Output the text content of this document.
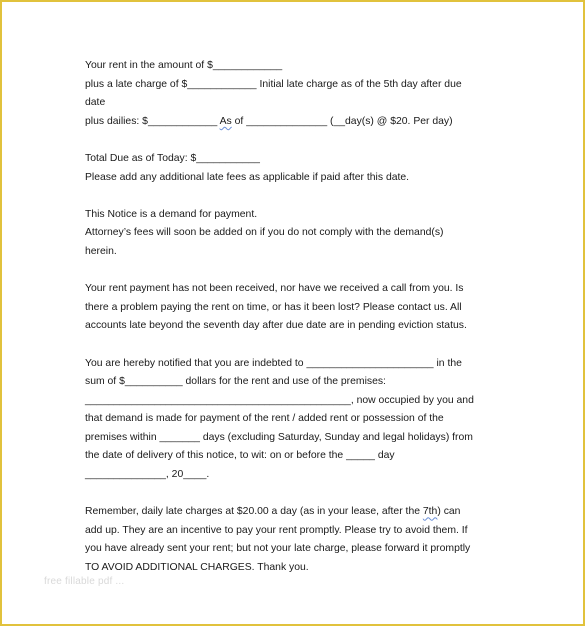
Your rent in the amount of $____________
plus a late charge of $____________ Initial late charge as of the 5th day after due
date
plus dailies: $____________ As of ______________ (__day(s) @ $20. Per day)
Total Due as of Today: $___________
Please add any additional late fees as applicable if paid after this date.
This Notice is a demand for payment.
Attorney’s fees will soon be added on if you do not comply with the demand(s)
herein.
Your rent payment has not been received, nor have we received a call from you. Is
there a problem paying the rent on time, or has it been lost? Please contact us. All
accounts late beyond the seventh day after due date are in pending eviction status.
You are hereby notified that you are indebted to ______________________ in the
sum of $__________ dollars for the rent and use of the premises:
______________________________________________, now occupied by you and
that demand is made for payment of the rent / added rent or possession of the
premises within _______ days (excluding Saturday, Sunday and legal holidays) from
the date of delivery of this notice, to wit: on or before the _____ day
______________, 20____.
Remember, daily late charges at $20.00 a day (as in your lease, after the 7th) can
add up. They are an incentive to pay your rent promptly. Please try to avoid them. If
you have already sent your rent; but not your late charge, please forward it promptly
TO AVOID ADDITIONAL CHARGES. Thank you.
free fillable pdf ...
